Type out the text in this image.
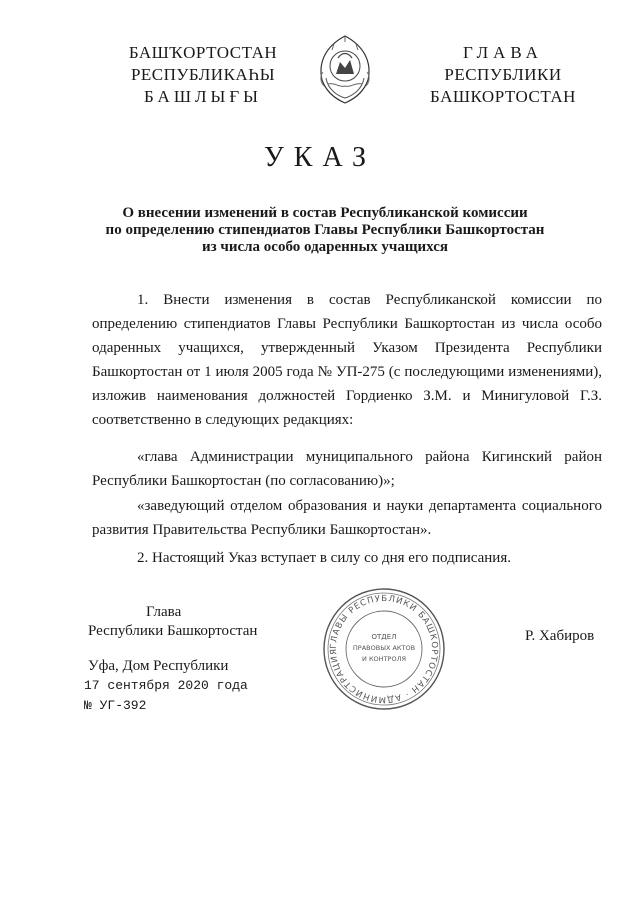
БАШҠОРТОСТАН
РЕСПУБЛИКАҺЫ
БАШЛЫҒЫ
ГЛАВА
РЕСПУБЛИКИ
БАШКОРТОСТАН
УКАЗ
О внесении изменений в состав Республиканской комиссии
по определению стипендиатов Главы Республики Башкортостан
из числа особо одаренных учащихся
1. Внести изменения в состав Республиканской комиссии по определению стипендиатов Главы Республики Башкортостан из числа особо одаренных учащихся, утвержденный Указом Президента Республики Башкортостан от 1 июля 2005 года № УП-275 (с последующими изменениями), изложив наименования должностей Гордиенко З.М. и Минигуловой Г.З. соответственно в следующих редакциях:
«глава Администрации муниципального района Кигинский район Республики Башкортостан (по согласованию)»;
«заведующий отделом образования и науки департамента социального развития Правительства Республики Башкортостан».
2. Настоящий Указ вступает в силу со дня его подписания.
Глава
Республики Башкортостан
ГЛАВЫ РЕСПУБЛИКИ БАШКОРТОСТАН · АДМИНИСТРАЦИЯ
ОТДЕЛ
ПРАВОВЫХ АКТОВ
И КОНТРОЛЯ
Р. Хабиров
Уфа, Дом Республики
17 сентября 2020 года
№ УГ-392
